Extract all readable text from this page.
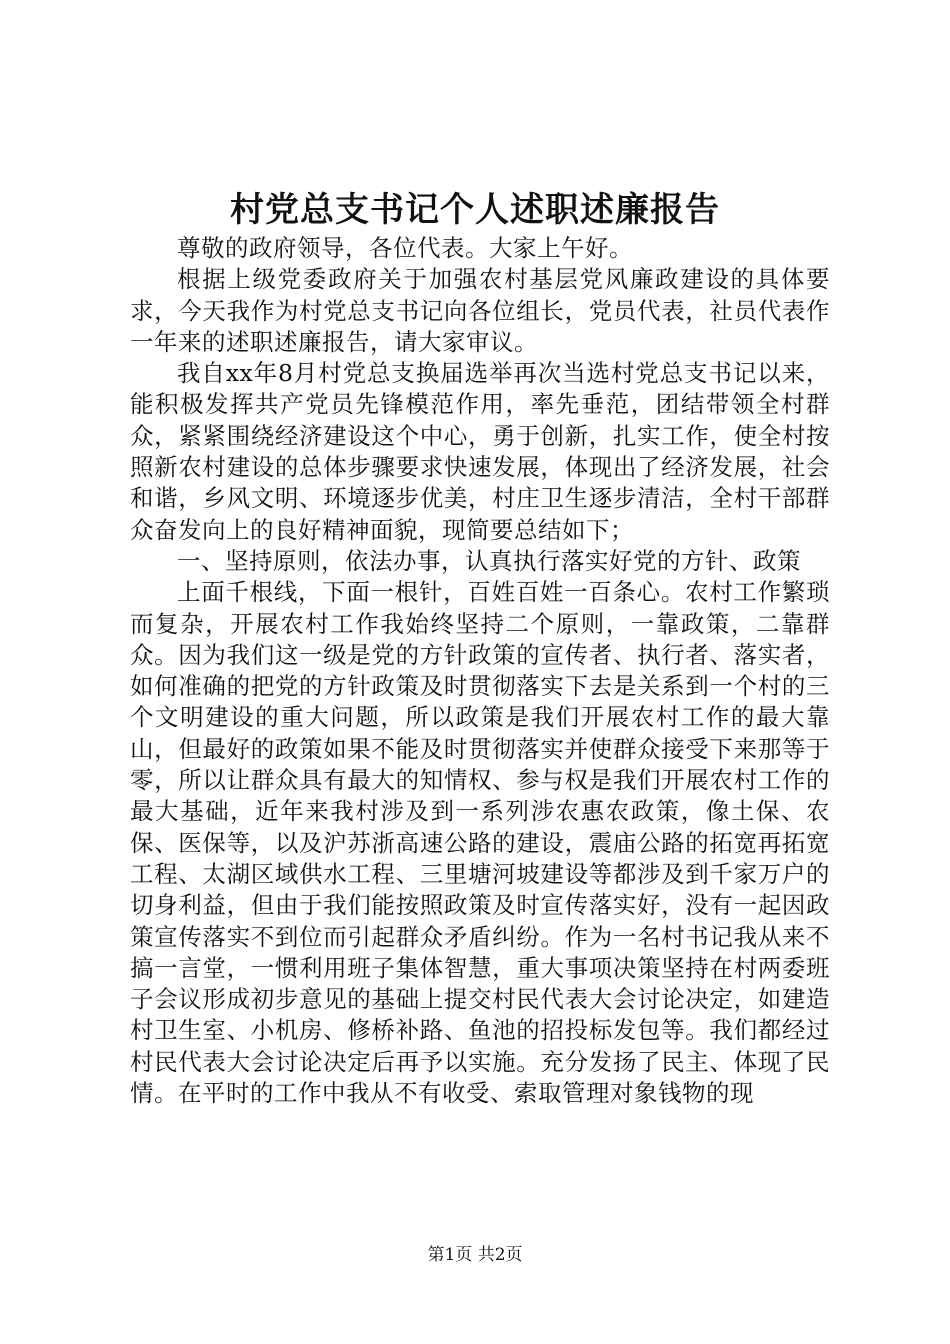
村党总支书记个人述职述廉报告

尊敬的政府领导，各位代表。大家上午好。

根据上级党委政府关于加强农村基层党风廉政建设的具体要求，今天我作为村党总支书记向各位组长，党员代表，社员代表作一年来的述职述廉报告，请大家审议。

我自xx年8月村党总支换届选举再次当选村党总支书记以来，能积极发挥共产党员先锋模范作用，率先垂范，团结带领全村群众，紧紧围绕经济建设这个中心，勇于创新，扎实工作，使全村按照新农村建设的总体步骤要求快速发展，体现出了经济发展，社会和谐，乡风文明、环境逐步优美，村庄卫生逐步清洁，全村干部群众奋发向上的良好精神面貌，现简要总结如下；

一、坚持原则，依法办事，认真执行落实好党的方针、政策

上面千根线，下面一根针，百姓百姓一百条心。农村工作繁琐而复杂，开展农村工作我始终坚持二个原则，一靠政策，二靠群众。因为我们这一级是党的方针政策的宣传者、执行者、落实者，如何准确的把党的方针政策及时贯彻落实下去是关系到一个村的三个文明建设的重大问题，所以政策是我们开展农村工作的最大靠山，但最好的政策如果不能及时贯彻落实并使群众接受下来那等于零，所以让群众具有最大的知情权、参与权是我们开展农村工作的最大基础，近年来我村涉及到一系列涉农惠农政策，像土保、农保、医保等，以及沪苏浙高速公路的建设，震庙公路的拓宽再拓宽工程、太湖区域供水工程、三里塘河坡建设等都涉及到千家万户的切身利益，但由于我们能按照政策及时宣传落实好，没有一起因政策宣传落实不到位而引起群众矛盾纠纷。作为一名村书记我从来不搞一言堂，一惯利用班子集体智慧，重大事项决策坚持在村两委班子会议形成初步意见的基础上提交村民代表大会讨论决定，如建造村卫生室、小机房、修桥补路、鱼池的招投标发包等。我们都经过村民代表大会讨论决定后再予以实施。充分发扬了民主、体现了民情。在平时的工作中我从不有收受、索取管理对象钱物的现

第1页 共2页
